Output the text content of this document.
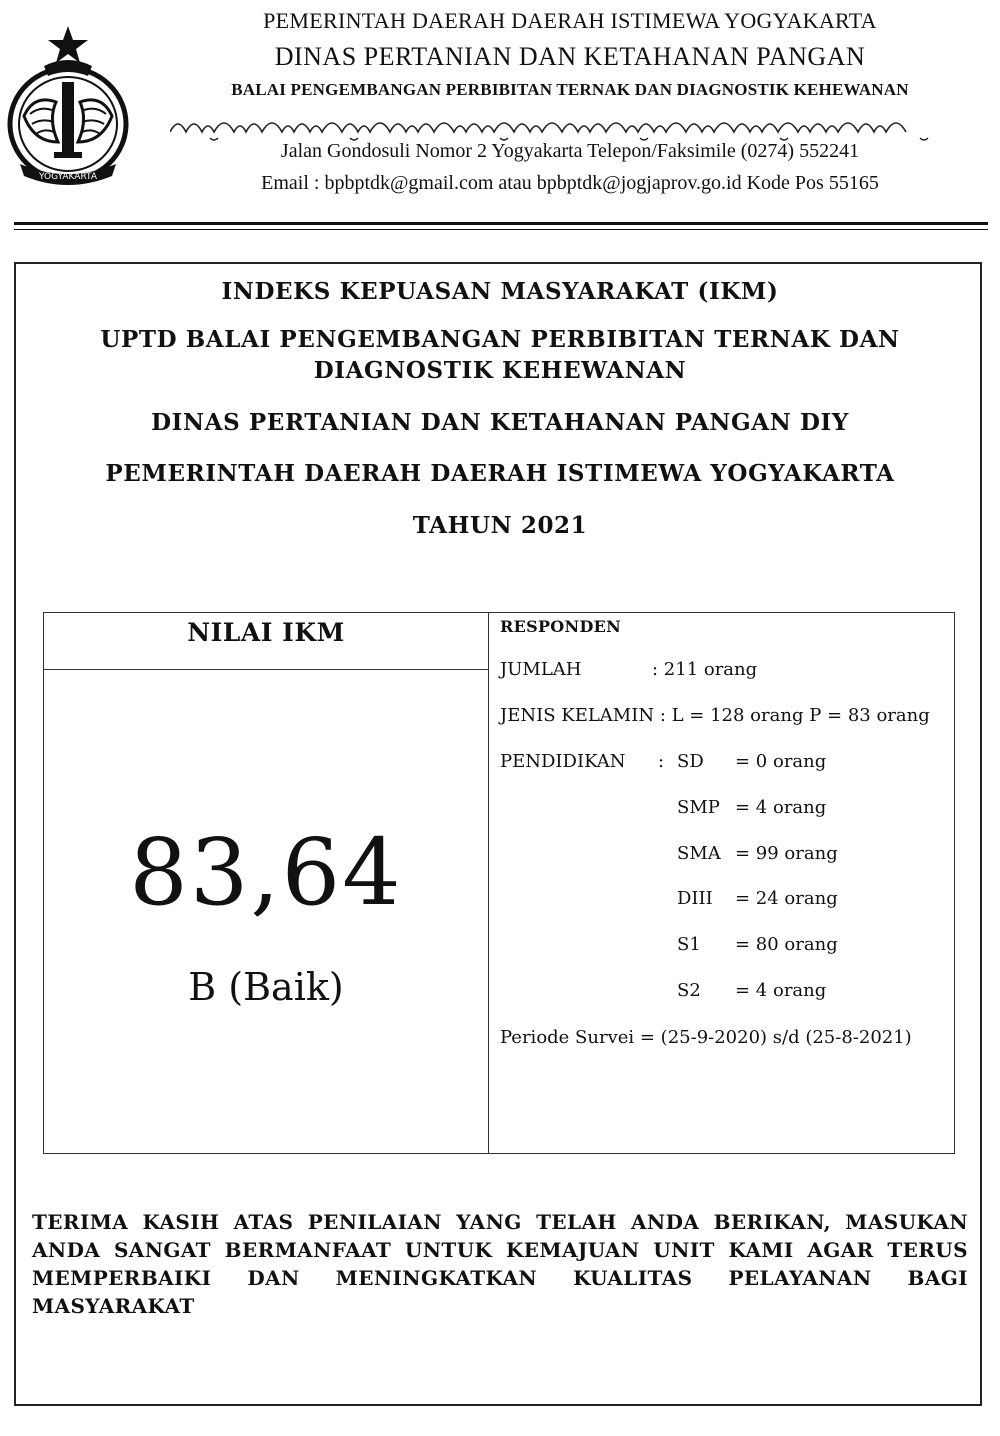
YOGYAKARTA
PEMERINTAH DAERAH DAERAH ISTIMEWA YOGYAKARTA
DINAS PERTANIAN DAN KETAHANAN PANGAN
BALAI PENGEMBANGAN PERBIBITAN TERNAK DAN DIAGNOSTIK KEHEWANAN
Jalan Gondosuli Nomor 2 Yogyakarta Telepon/Faksimile (0274) 552241
Email : bpbptdk@gmail.com atau bpbptdk@jogjaprov.go.id Kode Pos 55165
INDEKS KEPUASAN MASYARAKAT (IKM)
UPTD BALAI PENGEMBANGAN PERBIBITAN TERNAK DAN DIAGNOSTIK KEHEWANAN
DINAS PERTANIAN DAN KETAHANAN PANGAN DIY
PEMERINTAH DAERAH DAERAH ISTIMEWA YOGYAKARTA
TAHUN 2021
NILAI IKM
83,64
B (Baik)
RESPONDEN
JUMLAH	: 211 orang
JENIS KELAMIN : L = 128 orang P = 83 orang
PENDIDIKAN : SD = 0 orang
SMP = 4 orang
SMA = 99 orang
DIII = 24 orang
S1 = 80 orang
S2 = 4 orang
Periode Survei = (25-9-2020) s/d (25-8-2021)
TERIMA KASIH ATAS PENILAIAN YANG TELAH ANDA BERIKAN, MASUKAN ANDA SANGAT BERMANFAAT UNTUK KEMAJUAN UNIT KAMI AGAR TERUS MEMPERBAIKI DAN MENINGKATKAN KUALITAS PELAYANAN BAGI MASYARAKAT
